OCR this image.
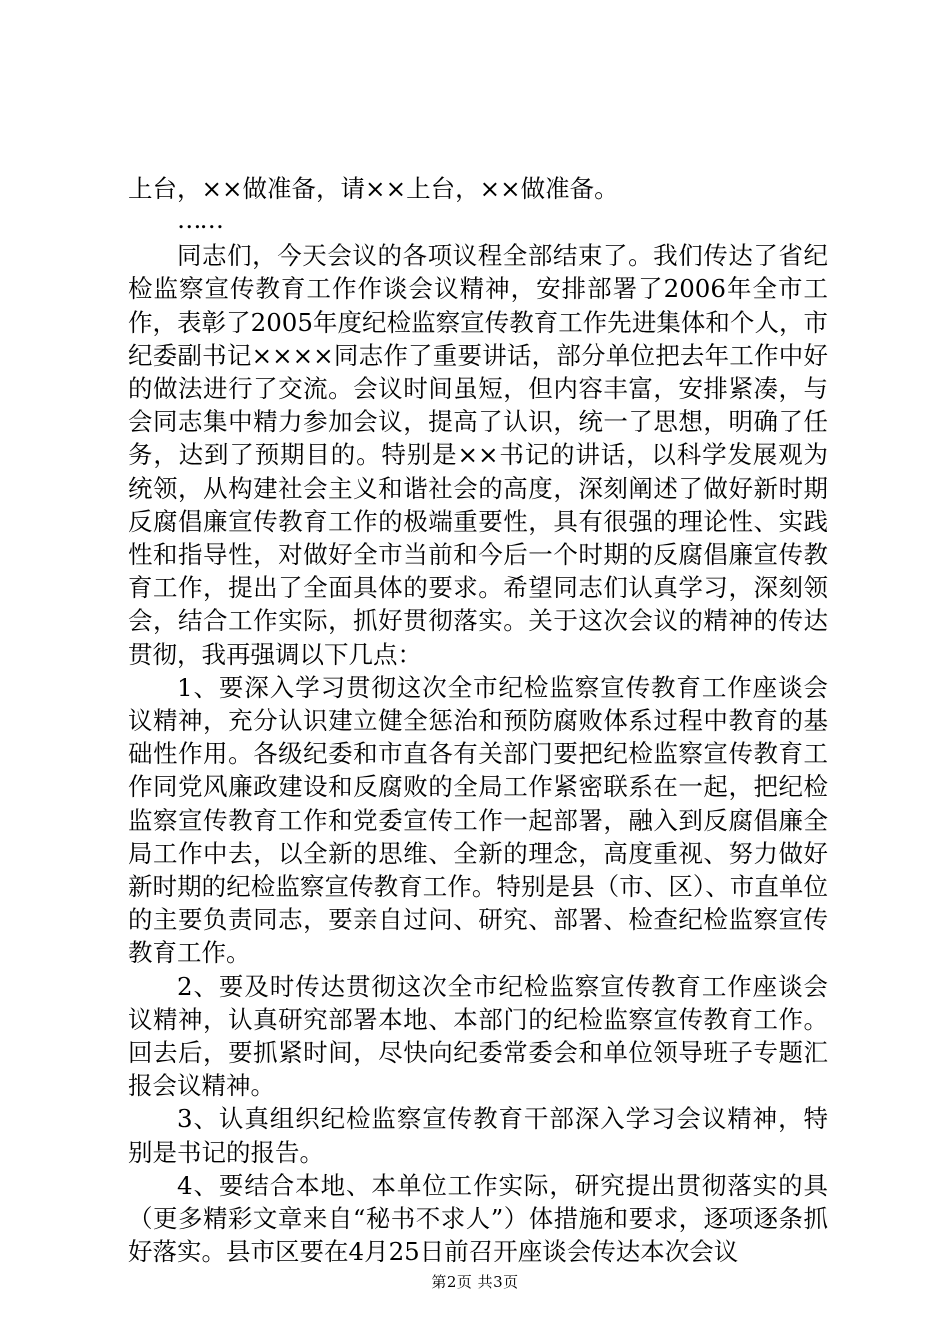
上台，××做准备，请××上台，××做准备。

……

同志们，今天会议的各项议程全部结束了。我们传达了省纪检监察宣传教育工作作谈会议精神，安排部署了2006年全市工作，表彰了2005年度纪检监察宣传教育工作先进集体和个人，市纪委副书记××××同志作了重要讲话，部分单位把去年工作中好的做法进行了交流。会议时间虽短，但内容丰富，安排紧凑，与会同志集中精力参加会议，提高了认识，统一了思想，明确了任务，达到了预期目的。特别是××书记的讲话，以科学发展观为统领，从构建社会主义和谐社会的高度，深刻阐述了做好新时期反腐倡廉宣传教育工作的极端重要性，具有很强的理论性、实践性和指导性，对做好全市当前和今后一个时期的反腐倡廉宣传教育工作，提出了全面具体的要求。希望同志们认真学习，深刻领会，结合工作实际，抓好贯彻落实。关于这次会议的精神的传达贯彻，我再强调以下几点：

1、要深入学习贯彻这次全市纪检监察宣传教育工作座谈会议精神，充分认识建立健全惩治和预防腐败体系过程中教育的基础性作用。各级纪委和市直各有关部门要把纪检监察宣传教育工作同党风廉政建设和反腐败的全局工作紧密联系在一起，把纪检监察宣传教育工作和党委宣传工作一起部署，融入到反腐倡廉全局工作中去，以全新的思维、全新的理念，高度重视、努力做好新时期的纪检监察宣传教育工作。特别是县（市、区）、市直单位的主要负责同志，要亲自过问、研究、部署、检查纪检监察宣传教育工作。

2、要及时传达贯彻这次全市纪检监察宣传教育工作座谈会议精神，认真研究部署本地、本部门的纪检监察宣传教育工作。回去后，要抓紧时间，尽快向纪委常委会和单位领导班子专题汇报会议精神。

3、认真组织纪检监察宣传教育干部深入学习会议精神，特别是书记的报告。

4、要结合本地、本单位工作实际，研究提出贯彻落实的具（更多精彩文章来自“秘书不求人”）体措施和要求，逐项逐条抓好落实。县市区要在4月25日前召开座谈会传达本次会议

第2页 共3页
